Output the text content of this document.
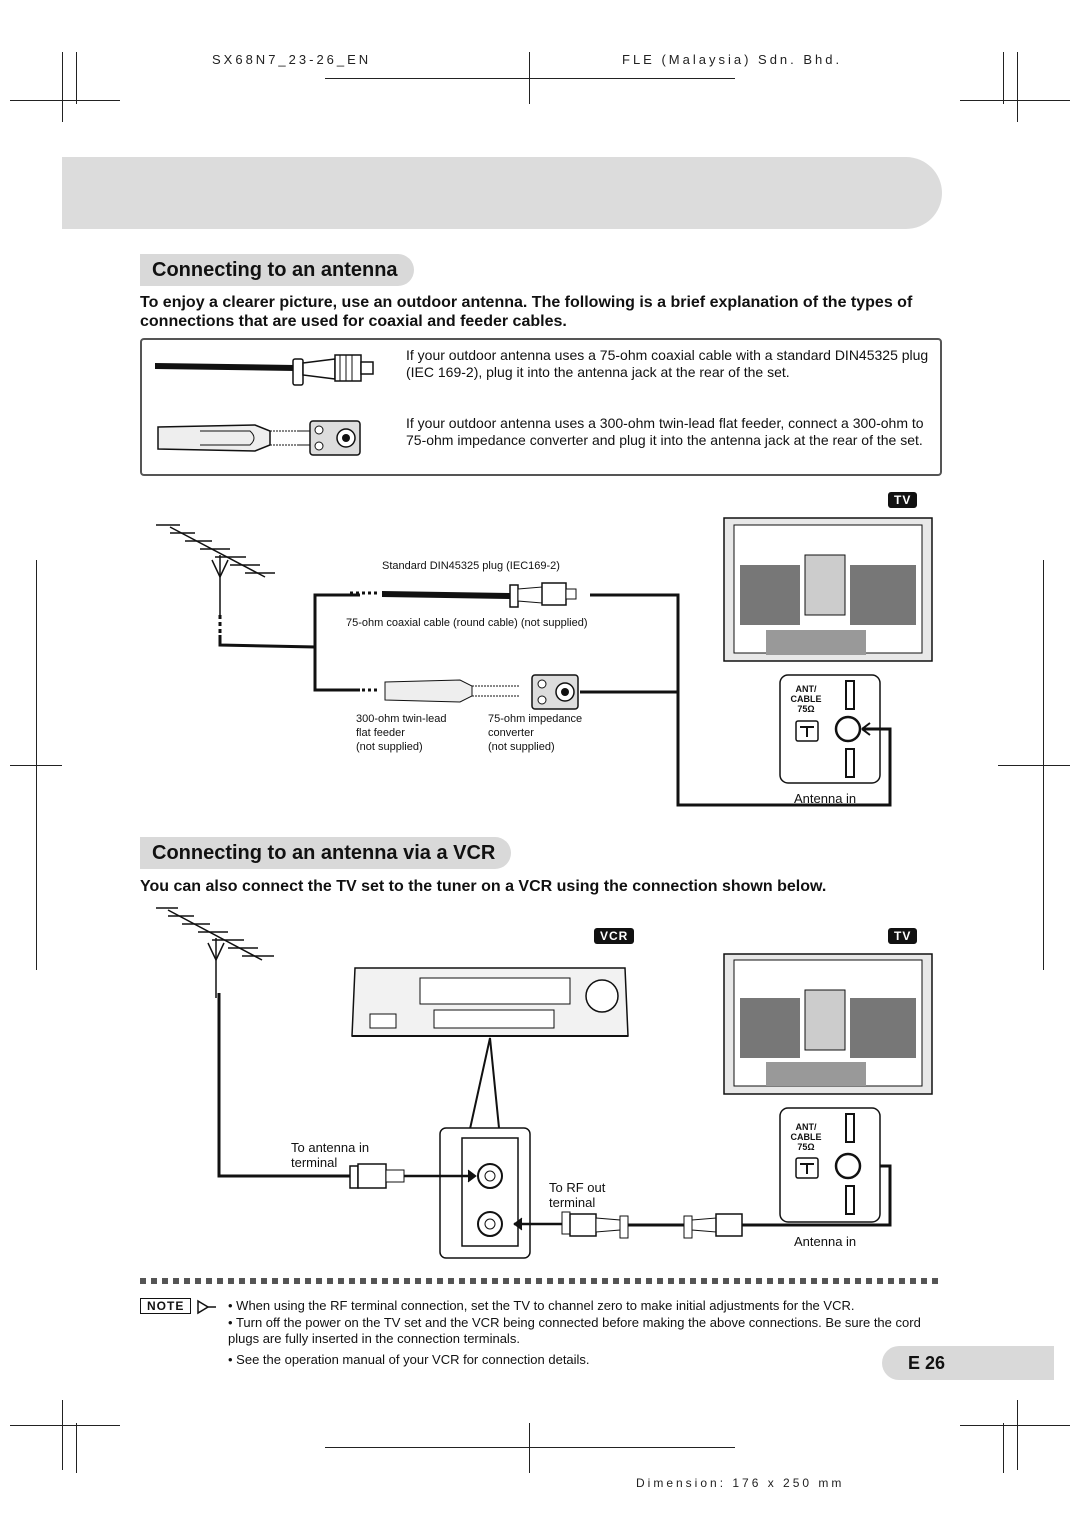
SX68N7_23-26_EN	FLE (Malaysia) Sdn. Bhd.
Connecting to an antenna
To enjoy a clearer picture, use an outdoor antenna. The following is a brief explanation of the types of connections that are used for coaxial and feeder cables.
If your outdoor antenna uses a 75-ohm coaxial cable with a standard DIN45325 plug (IEC 169-2), plug it into the antenna jack at the rear of the set.
If your outdoor antenna uses a 300-ohm twin-lead flat feeder, connect a 300-ohm to 75-ohm impedance converter and plug it into the antenna jack at the rear of the set.
TV
Standard DIN45325 plug (IEC169-2)
75-ohm coaxial cable (round cable) (not supplied)
300-ohm twin-lead
flat feeder
(not supplied)
75-ohm impedance
converter
(not supplied)
ANT/
CABLE
75Ω
Antenna in
Connecting to an antenna via a VCR
You can also connect the TV set to the tuner on a VCR using the connection shown below.
VCR	TV
To antenna in
terminal
To RF out
terminal
ANT/
CABLE
75Ω
Antenna in
NOTE	• When using the RF terminal connection, set the TV to channel zero to make initial adjustments for the VCR.
• Turn off the power on the TV set and the VCR being connected before making the above connections. Be sure the cord plugs are fully inserted in the connection terminals.
• See the operation manual of your VCR for connection details.	E 26
Dimension: 176 x 250 mm
